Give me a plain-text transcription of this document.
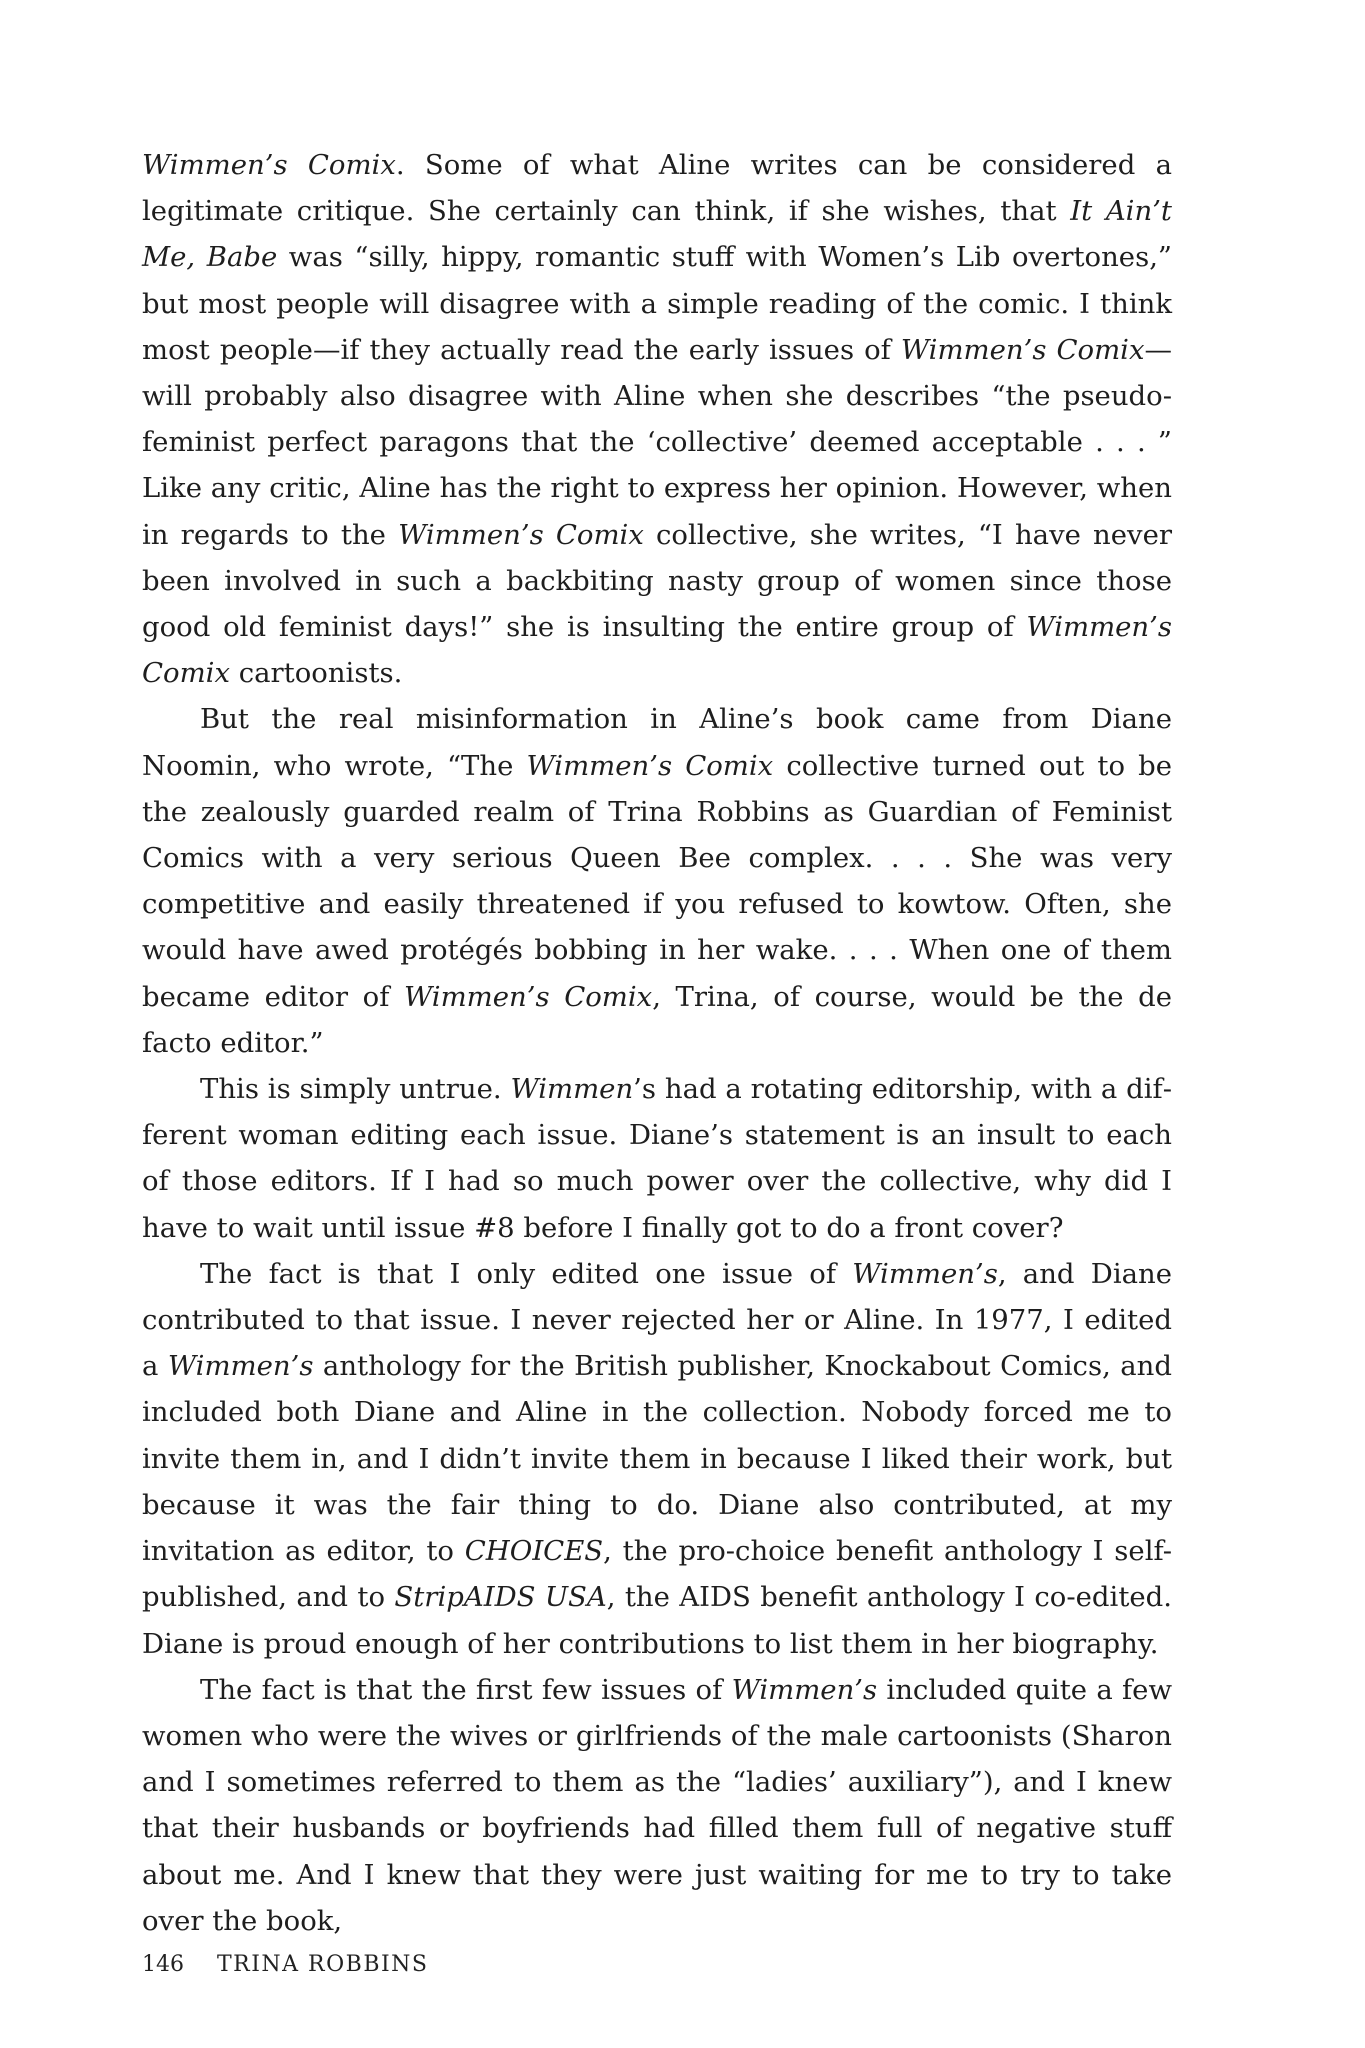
Wimmen’s Comix. Some of what Aline writes can be considered a legitimate critique. She certainly can think, if she wishes, that It Ain’t Me, Babe was “silly, hippy, romantic stuff with Women’s Lib overtones,” but most people will disagree with a simple reading of the comic. I think most people—if they actually read the early issues of Wimmen’s Comix—will probably also disagree with Aline when she describes “the pseudo-feminist perfect paragons that the ‘collective’ deemed acceptable . . . ” Like any critic, Aline has the right to express her opinion. However, when in regards to the Wimmen’s Comix collective, she writes, “I have never been involved in such a backbiting nasty group of women since those good old feminist days!” she is insulting the entire group of Wimmen’s Comix cartoonists.

But the real misinformation in Aline’s book came from Diane Noomin, who wrote, “The Wimmen’s Comix collective turned out to be the zealously guarded realm of Trina Robbins as Guardian of Feminist Comics with a very serious Queen Bee complex. . . . She was very competitive and easily threatened if you refused to kowtow. Often, she would have awed protégés bobbing in her wake. . . . When one of them became editor of Wimmen’s Comix, Trina, of course, would be the de facto editor.”

This is simply untrue. Wimmen’s had a rotating editorship, with a different woman editing each issue. Diane’s statement is an insult to each of those editors. If I had so much power over the collective, why did I have to wait until issue #8 before I finally got to do a front cover?

The fact is that I only edited one issue of Wimmen’s, and Diane contributed to that issue. I never rejected her or Aline. In 1977, I edited a Wimmen’s anthology for the British publisher, Knockabout Comics, and included both Diane and Aline in the collection. Nobody forced me to invite them in, and I didn’t invite them in because I liked their work, but because it was the fair thing to do. Diane also contributed, at my invitation as editor, to CHOICES, the pro-choice benefit anthology I self-published, and to StripAIDS USA, the AIDS benefit anthology I co-edited. Diane is proud enough of her contributions to list them in her biography.

The fact is that the first few issues of Wimmen’s included quite a few women who were the wives or girlfriends of the male cartoonists (Sharon and I sometimes referred to them as the “ladies’ auxiliary”), and I knew that their husbands or boyfriends had filled them full of negative stuff about me. And I knew that they were just waiting for me to try to take over the book,

146 TRINA ROBBINS
